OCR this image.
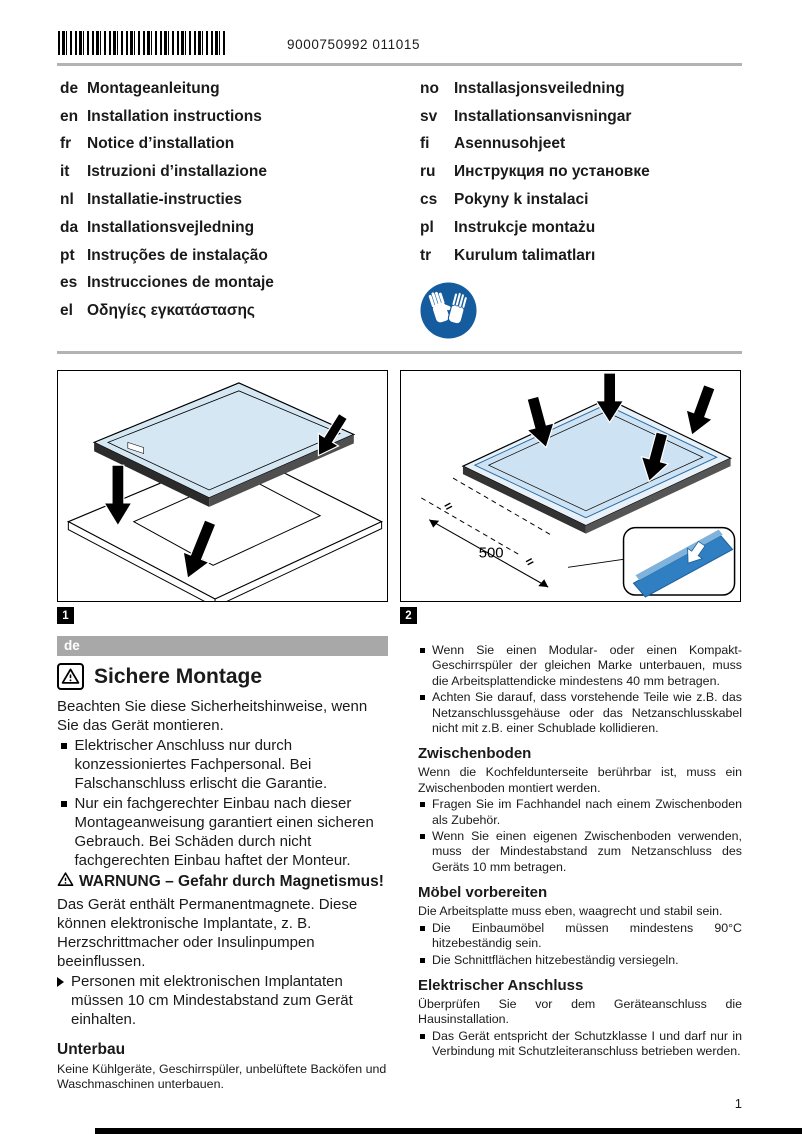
9000750992 011015
de Montageanleitung
en Installation instructions
fr	Notice d’installation
it	Istruzioni d’installazione
nl Installatie-instructies
da Installationsvejledning
pt Instruções de instalação
es Instrucciones de montaje
el Οδηγίες εγκατάστασης
no Installasjonsveiledning
sv	Installationsanvisningar
fi	Asennusohjeet
ru	Инструкция по установке
cs	Pokyny k instalaci
pl	Instrukcje montażu
tr	Kurulum talimatları
=
=
500
1	2
de
Sichere Montage

Beachten Sie diese Sicherheitshinweise, wenn Sie das Gerät montieren.

Elektrischer Anschluss nur durch konzessioniertes Fachpersonal. Bei Falschanschluss erlischt die Garantie.
Nur ein fachgerechter Einbau nach dieser Montageanweisung garantiert einen sicheren Gebrauch. Bei Schäden durch nicht fachgerechten Einbau haftet der Monteur.

WARNUNG – Gefahr durch Magnetismus!

Das Gerät enthält Permanentmagnete. Diese können elektronische Implantate, z. B. Herzschrittmacher oder Insulinpumpen beeinflussen.

Personen mit elektronischen Implantaten müssen 10 cm Mindestabstand zum Gerät einhalten.
Unterbau

Keine Kühlgeräte, Geschirrspüler, unbelüftete Backöfen und Waschmaschinen unterbauen.

Wenn Sie einen Modular- oder einen Kompakt-Geschirrspüler der gleichen Marke unterbauen, muss die Arbeitsplattendicke mindestens 40 mm betragen.
Achten Sie darauf, dass vorstehende Teile wie z.B. das Netzanschlussgehäuse oder das Netzanschlusskabel nicht mit z.B. einer Schublade kollidieren.
Zwischenboden

Wenn die Kochfeldunterseite berührbar ist, muss ein Zwischenboden montiert werden.

Fragen Sie im Fachhandel nach einem Zwischenboden als Zubehör.
Wenn Sie einen eigenen Zwischenboden verwenden, muss der Mindestabstand zum Netzanschluss des Geräts 10 mm betragen.
Möbel vorbereiten

Die Arbeitsplatte muss eben, waagrecht und stabil sein.

Die Einbaumöbel müssen mindestens 90°C hitzebeständig sein.
Die Schnittflächen hitzebeständig versiegeln.
Elektrischer Anschluss

Überprüfen Sie vor dem Geräteanschluss die Hausinstallation.

Das Gerät entspricht der Schutzklasse I und darf nur in Verbindung mit Schutzleiteranschluss betrieben werden.
1
